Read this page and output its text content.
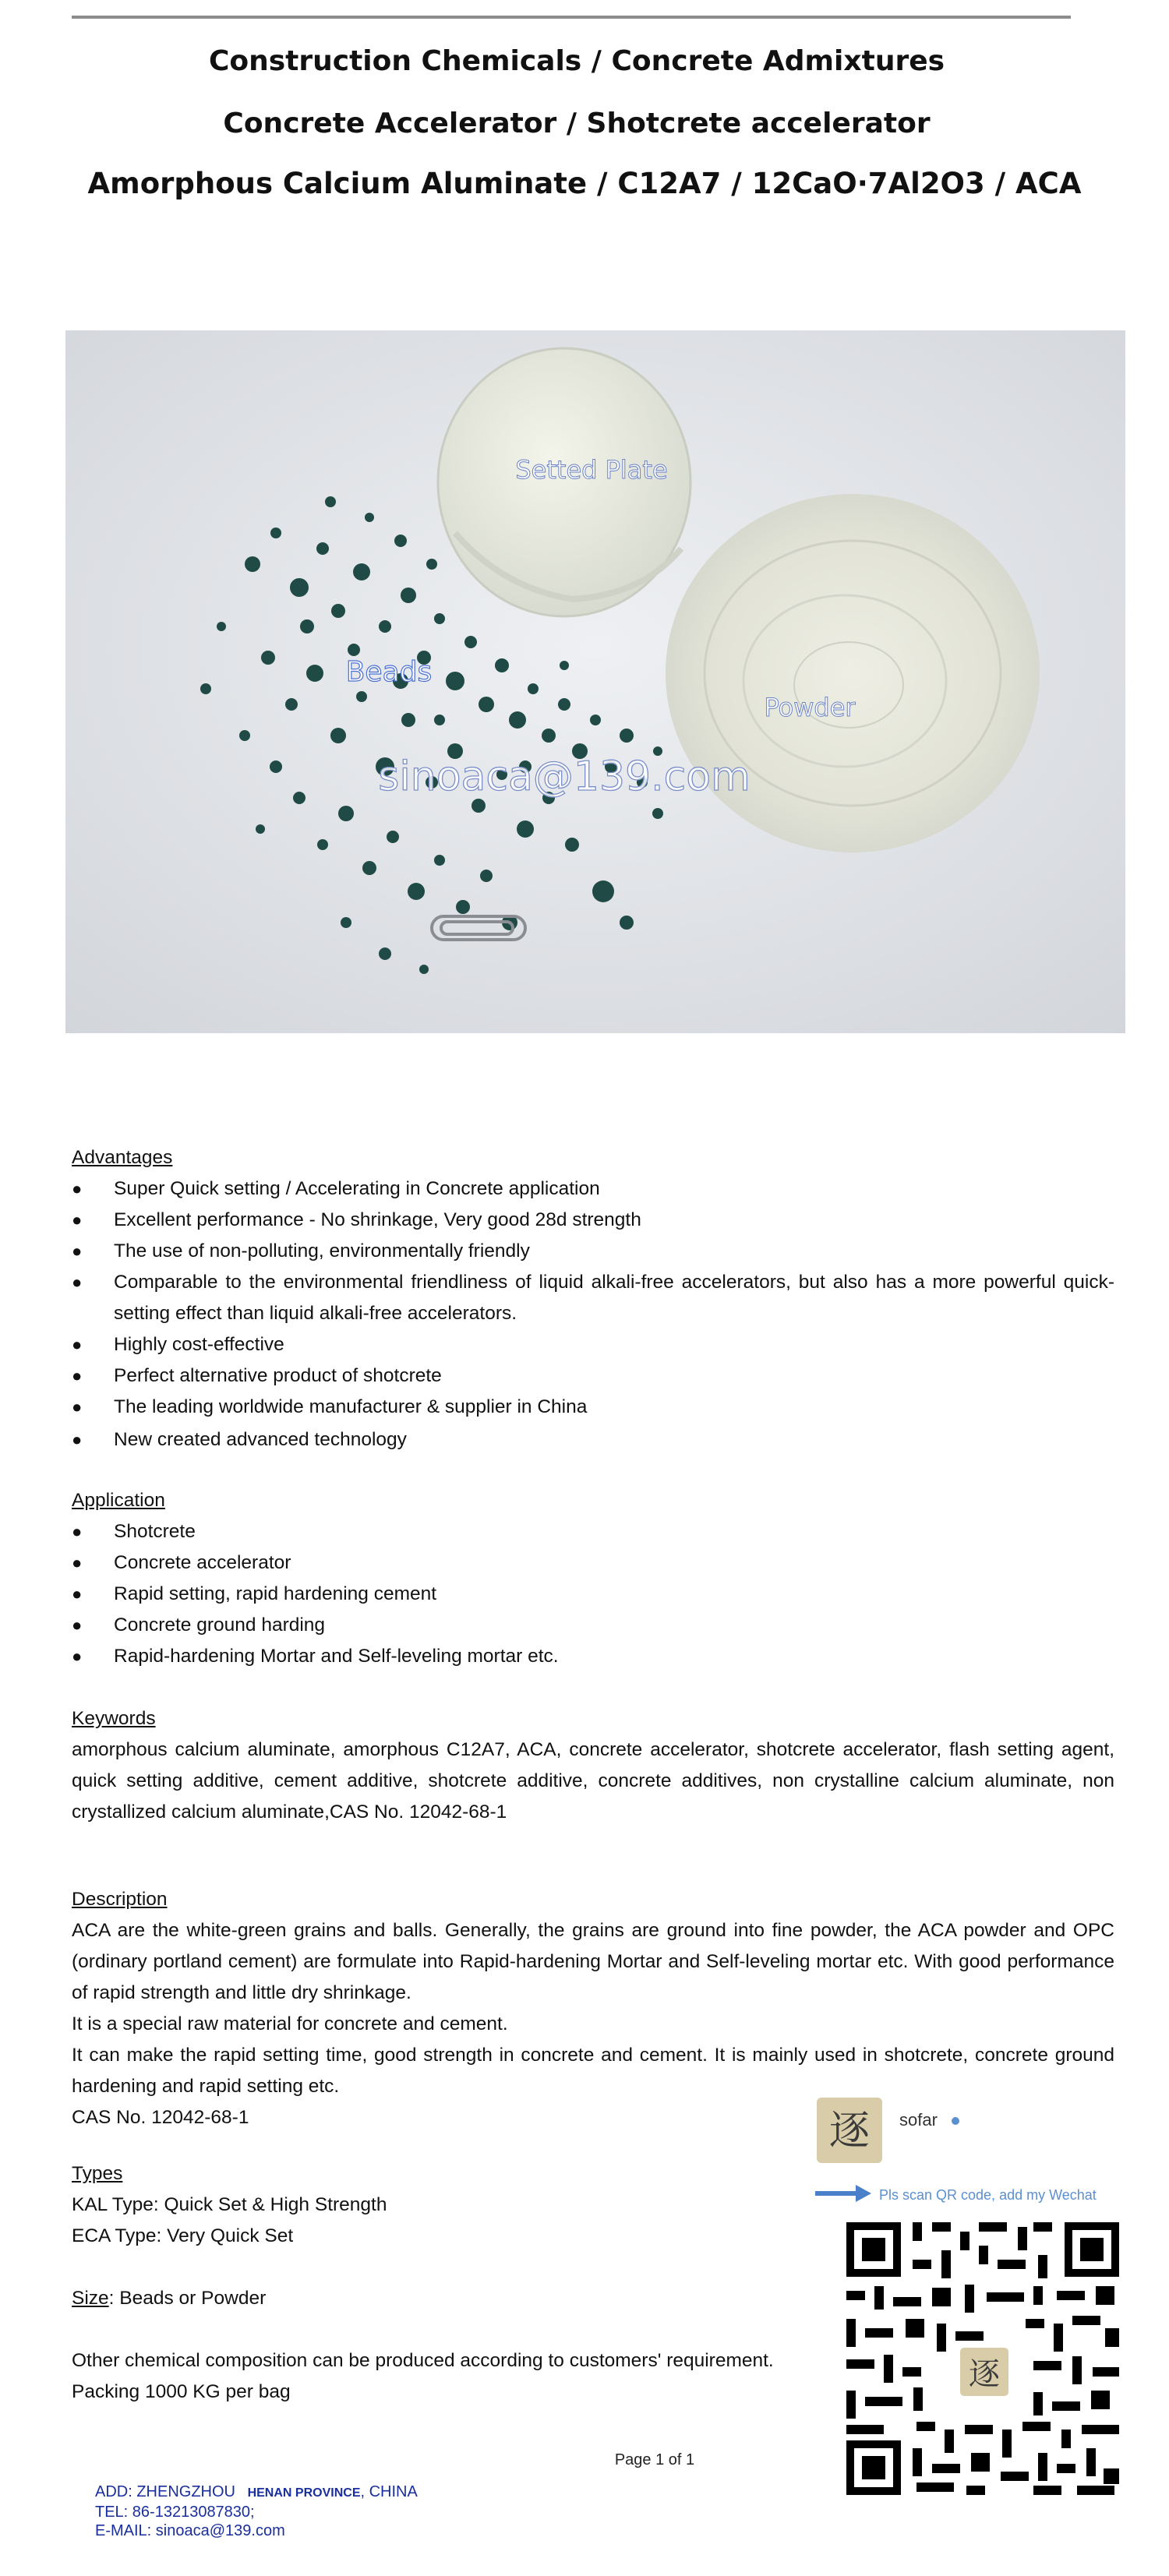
Construction Chemicals / Concrete Admixtures
Concrete Accelerator / Shotcrete accelerator
Amorphous Calcium Aluminate / C12A7 / 12CaO·7Al2O3 / ACA
Setted Plate
Beads
Powder
sinoaca@139.com
Advantages
● Super Quick setting / Accelerating in Concrete application
● Excellent performance - No shrinkage, Very good 28d strength
● The use of non-polluting, environmentally friendly
● Comparable to the environmental friendliness of liquid alkali-free accelerators, but also has a more powerful quick-setting effect than liquid alkali-free accelerators.
● Highly cost-effective
● Perfect alternative product of shotcrete
● The leading worldwide manufacturer & supplier in China
● New created advanced technology
Application
● Shotcrete
● Concrete accelerator
● Rapid setting, rapid hardening cement
● Concrete ground harding
● Rapid-hardening Mortar and Self-leveling mortar etc.
Keywords

amorphous calcium aluminate, amorphous C12A7, ACA, concrete accelerator, shotcrete accelerator, flash setting agent, quick setting additive, cement additive, shotcrete additive, concrete additives, non crystalline calcium aluminate, non crystallized calcium aluminate,CAS No. 12042-68-1

Description

ACA are the white-green grains and balls. Generally, the grains are ground into fine powder, the ACA powder and OPC (ordinary portland cement) are formulate into Rapid-hardening Mortar and Self-leveling mortar etc. With good performance of rapid strength and little dry shrinkage.

It is a special raw material for concrete and cement.

It can make the rapid setting time, good strength in concrete and cement. It is mainly used in shotcrete, concrete ground hardening and rapid setting etc.

CAS No. 12042-68-1

Types
KAL Type: Quick Set & High Strength
ECA Type: Very Quick Set
Size: Beads or Powder
Other chemical composition can be produced according to customers' requirement.
Packing 1000 KG per bag
Page 1 of 1
ADD: ZHENGZHOU HENAN PROVINCE, CHINA
TEL: 86-13213087830;
E-MAIL: sinoaca@139.com
逐 sofar
Pls scan QR code, add my Wechat
逐
